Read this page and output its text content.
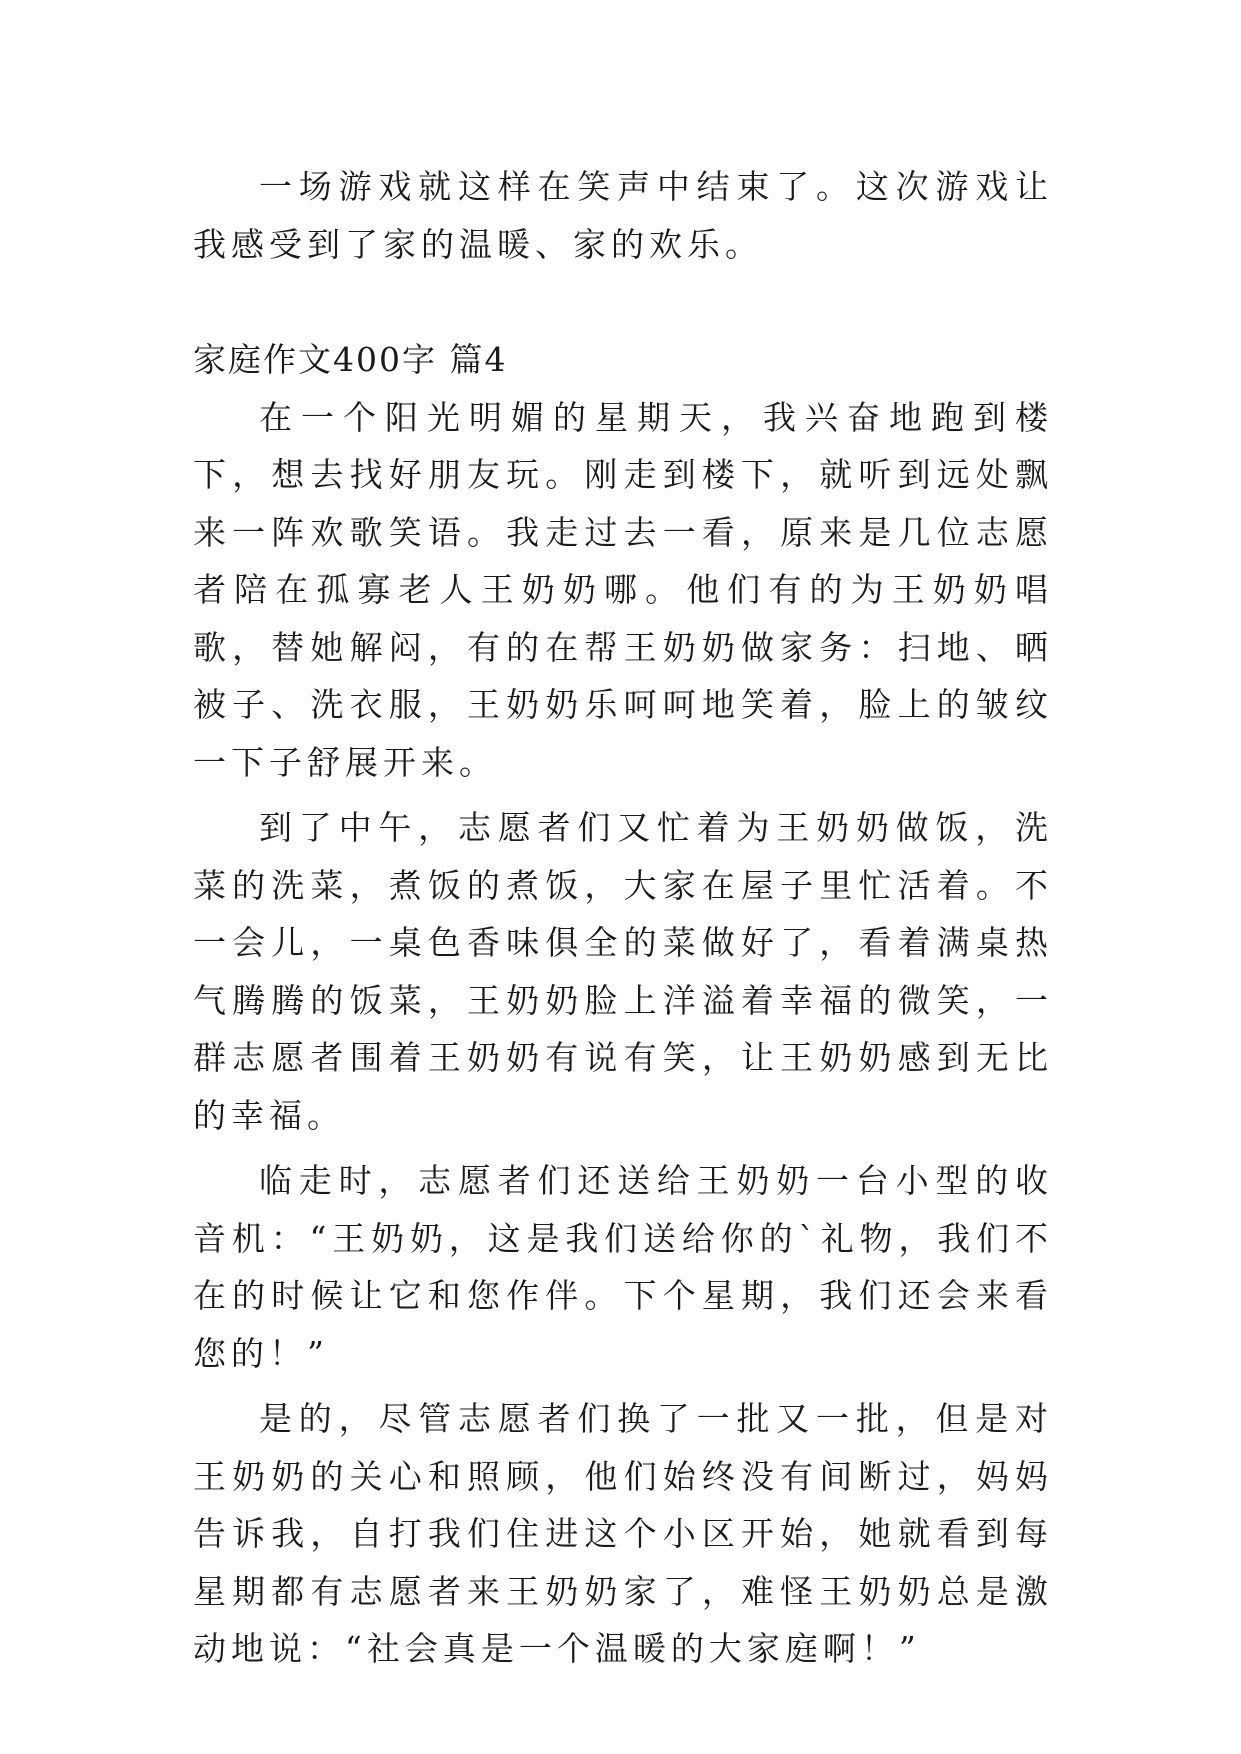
一场游戏就这样在笑声中结束了。这次游戏让我感受到了家的温暖、家的欢乐。

家庭作文400字 篇4

在一个阳光明媚的星期天，我兴奋地跑到楼下，想去找好朋友玩。刚走到楼下，就听到远处飘来一阵欢歌笑语。我走过去一看，原来是几位志愿者陪在孤寡老人王奶奶哪。他们有的为王奶奶唱歌，替她解闷，有的在帮王奶奶做家务：扫地、晒被子、洗衣服，王奶奶乐呵呵地笑着，脸上的皱纹一下子舒展开来。

到了中午，志愿者们又忙着为王奶奶做饭，洗菜的洗菜，煮饭的煮饭，大家在屋子里忙活着。不一会儿，一桌色香味俱全的菜做好了，看着满桌热气腾腾的饭菜，王奶奶脸上洋溢着幸福的微笑，一群志愿者围着王奶奶有说有笑，让王奶奶感到无比的幸福。

临走时，志愿者们还送给王奶奶一台小型的收音机：“王奶奶，这是我们送给你的`礼物，我们不在的时候让它和您作伴。下个星期，我们还会来看您的！”

是的，尽管志愿者们换了一批又一批，但是对王奶奶的关心和照顾，他们始终没有间断过，妈妈告诉我，自打我们住进这个小区开始，她就看到每星期都有志愿者来王奶奶家了，难怪王奶奶总是激动地说：“社会真是一个温暖的大家庭啊！”
